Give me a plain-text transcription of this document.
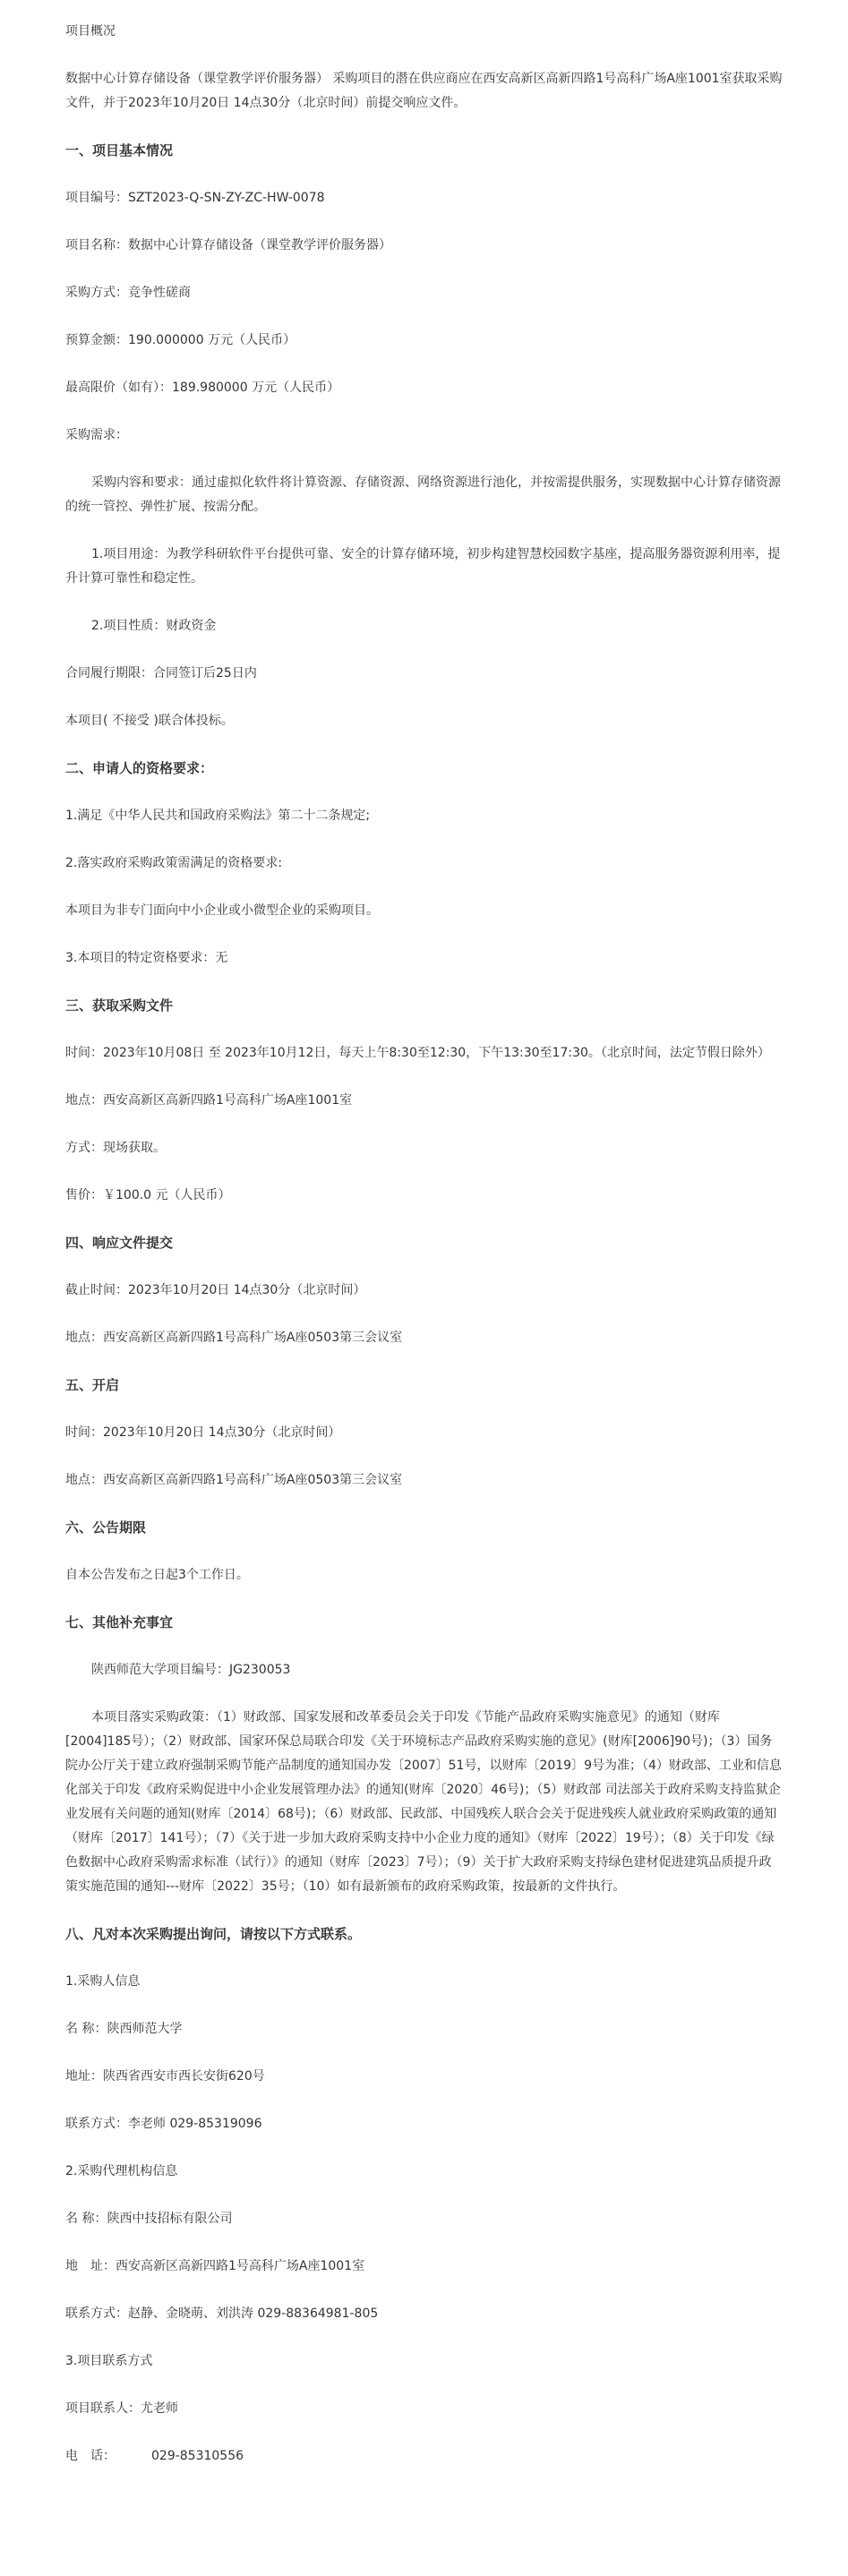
项目概况

数据中心计算存储设备（课堂教学评价服务器） 采购项目的潜在供应商应在西安高新区高新四路1号高科广场A座1001室获取采购文件，并于2023年10月20日 14点30分（北京时间）前提交响应文件。

一、项目基本情况

项目编号：SZT2023-Q-SN-ZY-ZC-HW-0078

项目名称：数据中心计算存储设备（课堂教学评价服务器）

采购方式：竞争性磋商

预算金额：190.000000 万元（人民币）

最高限价（如有）：189.980000 万元（人民币）

采购需求：

采购内容和要求：通过虚拟化软件将计算资源、存储资源、网络资源进行池化，并按需提供服务，实现数据中心计算存储资源的统一管控、弹性扩展、按需分配。

1.项目用途：为教学科研软件平台提供可靠、安全的计算存储环境，初步构建智慧校园数字基座，提高服务器资源利用率，提升计算可靠性和稳定性。

2.项目性质：财政资金

合同履行期限：合同签订后25日内

本项目( 不接受 )联合体投标。

二、申请人的资格要求：

1.满足《中华人民共和国政府采购法》第二十二条规定;

2.落实政府采购政策需满足的资格要求:

本项目为非专门面向中小企业或小微型企业的采购项目。

3.本项目的特定资格要求：无

三、获取采购文件

时间：2023年10月08日 至 2023年10月12日，每天上午8:30至12:30，下午13:30至17:30。（北京时间，法定节假日除外）

地点：西安高新区高新四路1号高科广场A座1001室

方式：现场获取。

售价：￥100.0 元（人民币）

四、响应文件提交

截止时间：2023年10月20日 14点30分（北京时间）

地点：西安高新区高新四路1号高科广场A座0503第三会议室

五、开启

时间：2023年10月20日 14点30分（北京时间）

地点：西安高新区高新四路1号高科广场A座0503第三会议室

六、公告期限

自本公告发布之日起3个工作日。

七、其他补充事宜

陕西师范大学项目编号：JG230053

本项目落实采购政策：（1）财政部、国家发展和改革委员会关于印发《节能产品政府采购实施意见》的通知（财库[2004]185号）；（2）财政部、国家环保总局联合印发《关于环境标志产品政府采购实施的意见》(财库[2006]90号)；（3）国务院办公厅关于建立政府强制采购节能产品制度的通知国办发〔2007〕51号，以财库〔2019〕9号为准；（4）财政部、工业和信息化部关于印发《政府采购促进中小企业发展管理办法》的通知(财库〔2020〕46号)；（5）财政部 司法部关于政府采购支持监狱企业发展有关问题的通知(财库〔2014〕68号)；（6）财政部、民政部、中国残疾人联合会关于促进残疾人就业政府采购政策的通知（财库〔2017〕141号）；（7）《关于进一步加大政府采购支持中小企业力度的通知》（财库〔2022〕19号）；（8）关于印发《绿色数据中心政府采购需求标准（试行）》的通知（财库〔2023〕7号）；（9）关于扩大政府采购支持绿色建材促进建筑品质提升政策实施范围的通知---财库〔2022〕35号；（10）如有最新颁布的政府采购政策，按最新的文件执行。

八、凡对本次采购提出询问，请按以下方式联系。

1.采购人信息

名 称：陕西师范大学

地址：陕西省西安市西长安街620号

联系方式：李老师 029-85319096

2.采购代理机构信息

名 称：陕西中技招标有限公司

地　址：西安高新区高新四路1号高科广场A座1001室

联系方式：赵静、金晓萌、刘洪涛 029-88364981-805

3.项目联系方式

项目联系人：尤老师

电　话：	029-85310556
